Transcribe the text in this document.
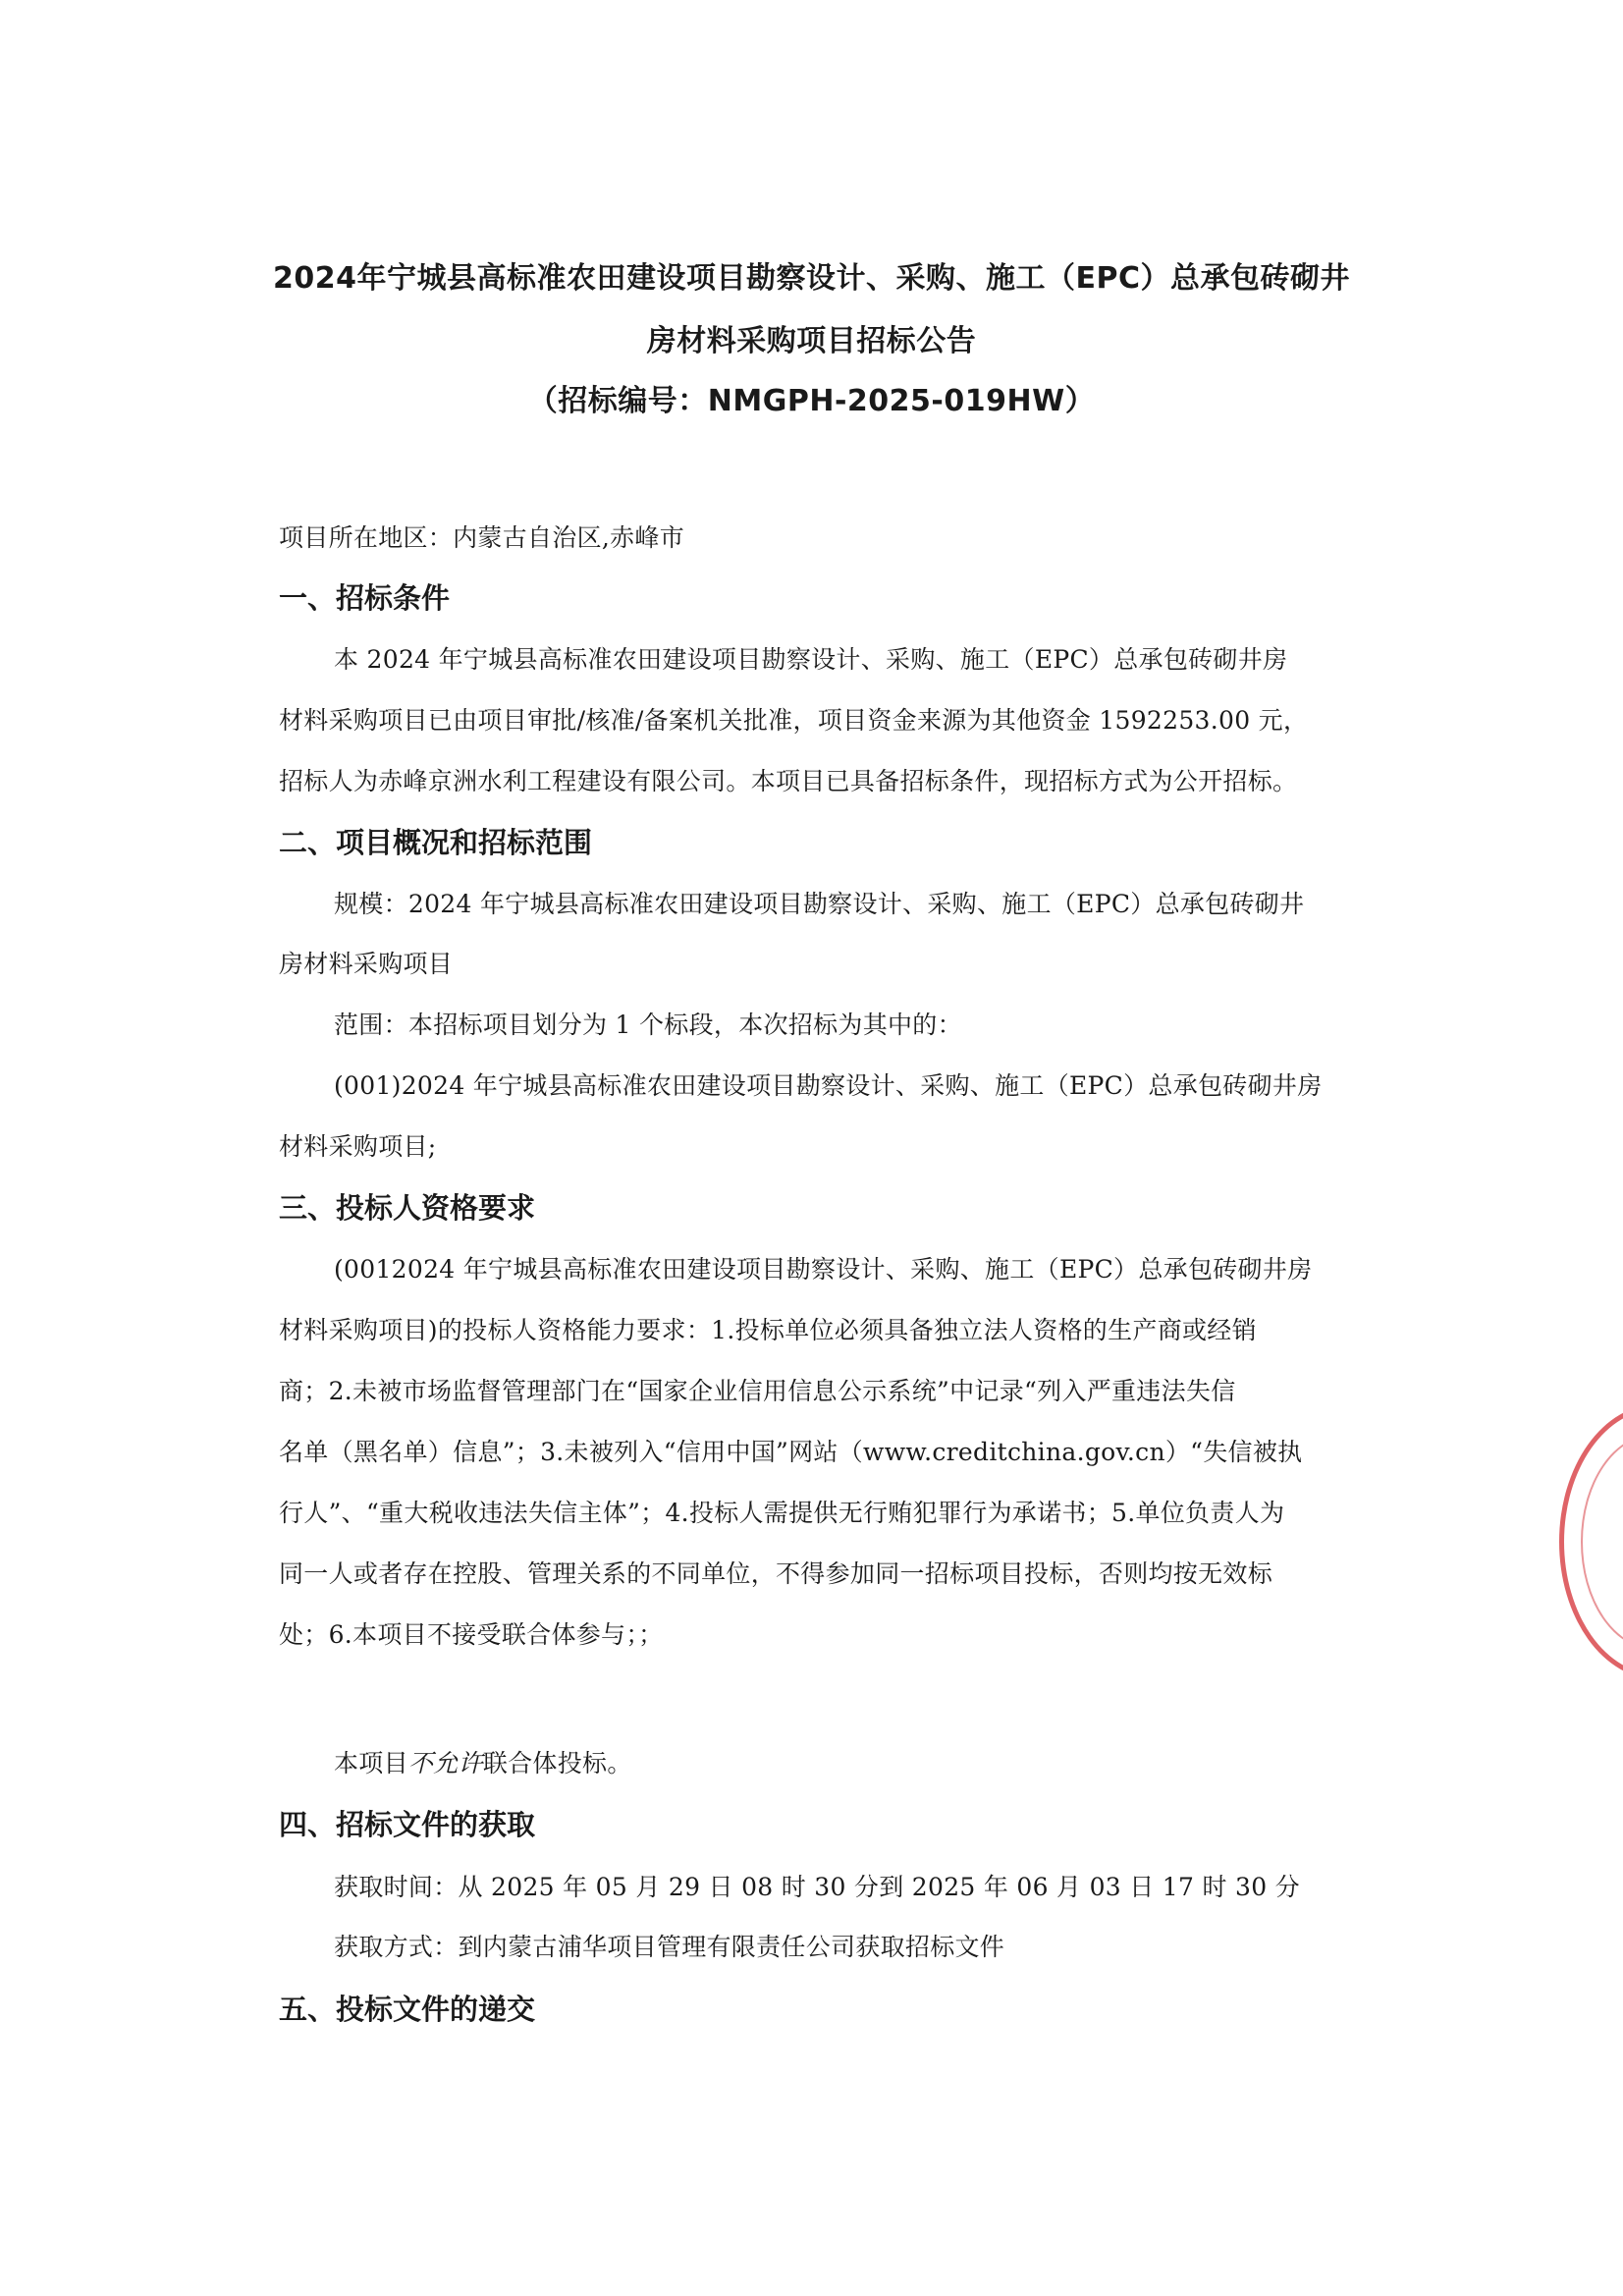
2024年宁城县高标准农田建设项目勘察设计、采购、施工（EPC）总承包砖砌井
房材料采购项目招标公告
（招标编号：NMGPH-2025-019HW）
项目所在地区：内蒙古自治区,赤峰市
一、招标条件
本 2024 年宁城县高标准农田建设项目勘察设计、采购、施工（EPC）总承包砖砌井房
材料采购项目已由项目审批/核准/备案机关批准，项目资金来源为其他资金 1592253.00 元，
招标人为赤峰京洲水利工程建设有限公司。本项目已具备招标条件，现招标方式为公开招标。
二、项目概况和招标范围
规模：2024 年宁城县高标准农田建设项目勘察设计、采购、施工（EPC）总承包砖砌井
房材料采购项目
范围：本招标项目划分为 1 个标段，本次招标为其中的：
(001)2024 年宁城县高标准农田建设项目勘察设计、采购、施工（EPC）总承包砖砌井房
材料采购项目;
三、投标人资格要求
(0012024 年宁城县高标准农田建设项目勘察设计、采购、施工（EPC）总承包砖砌井房
材料采购项目)的投标人资格能力要求：1.投标单位必须具备独立法人资格的生产商或经销
商；2.未被市场监督管理部门在“国家企业信用信息公示系统”中记录“列入严重违法失信
名单（黑名单）信息”；3.未被列入“信用中国”网站（www.creditchina.gov.cn）“失信被执
行人”、“重大税收违法失信主体”；4.投标人需提供无行贿犯罪行为承诺书；5.单位负责人为
同一人或者存在控股、管理关系的不同单位，不得参加同一招标项目投标，否则均按无效标
处；6.本项目不接受联合体参与；；
本项目不允许联合体投标。
四、招标文件的获取
获取时间：从 2025 年 05 月 29 日 08 时 30 分到 2025 年 06 月 03 日 17 时 30 分
获取方式：到内蒙古浦华项目管理有限责任公司获取招标文件
五、投标文件的递交
